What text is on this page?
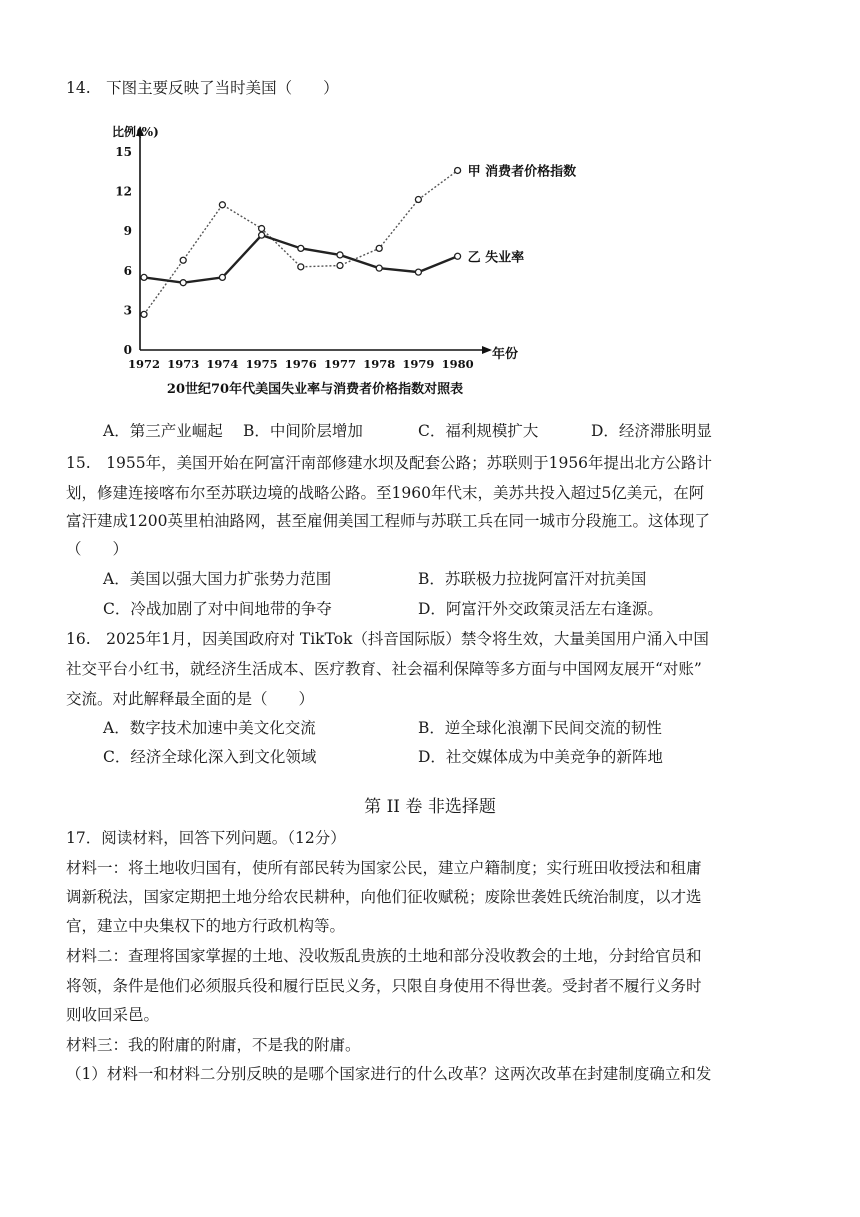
14.　下图主要反映了当时美国（　　）
比例(%)
年份
0
3
6
9
12
15
1972 1973 1974 1975 1976 1977 1978 1979 1980
20世纪70年代美国失业率与消费者价格指数对照表
甲 消费者价格指数
乙 失业率
A．第三产业崛起 B．中间阶层增加	C．福利规模扩大	D．经济滞胀明显
15.　1955年，美国开始在阿富汗南部修建水坝及配套公路；苏联则于1956年提出北方公路计
划，修建连接喀布尔至苏联边境的战略公路。至1960年代末，美苏共投入超过5亿美元，在阿
富汗建成1200英里柏油路网，甚至雇佣美国工程师与苏联工兵在同一城市分段施工。这体现了
（　　）
A．美国以强大国力扩张势力范围	B．苏联极力拉拢阿富汗对抗美国
C．冷战加剧了对中间地带的争夺	D．阿富汗外交政策灵活左右逢源。
16.　2025年1月，因美国政府对 TikTok（抖音国际版）禁令将生效，大量美国用户涌入中国
社交平台小红书，就经济生活成本、医疗教育、社会福利保障等多方面与中国网友展开“对账”
交流。对此解释最全面的是（　　）
A．数字技术加速中美文化交流	B．逆全球化浪潮下民间交流的韧性
C．经济全球化深入到文化领域	D．社交媒体成为中美竞争的新阵地
第 II 卷 非选择题
17．阅读材料，回答下列问题。（12分）
材料一：将土地收归国有，使所有部民转为国家公民，建立户籍制度；实行班田收授法和租庸
调新税法，国家定期把土地分给农民耕种，向他们征收赋税；废除世袭姓氏统治制度，以才选
官，建立中央集权下的地方行政机构等。
材料二：查理将国家掌握的土地、没收叛乱贵族的土地和部分没收教会的土地，分封给官员和
将领，条件是他们必须服兵役和履行臣民义务，只限自身使用不得世袭。受封者不履行义务时
则收回采邑。
材料三：我的附庸的附庸，不是我的附庸。
（1）材料一和材料二分别反映的是哪个国家进行的什么改革？这两次改革在封建制度确立和发
